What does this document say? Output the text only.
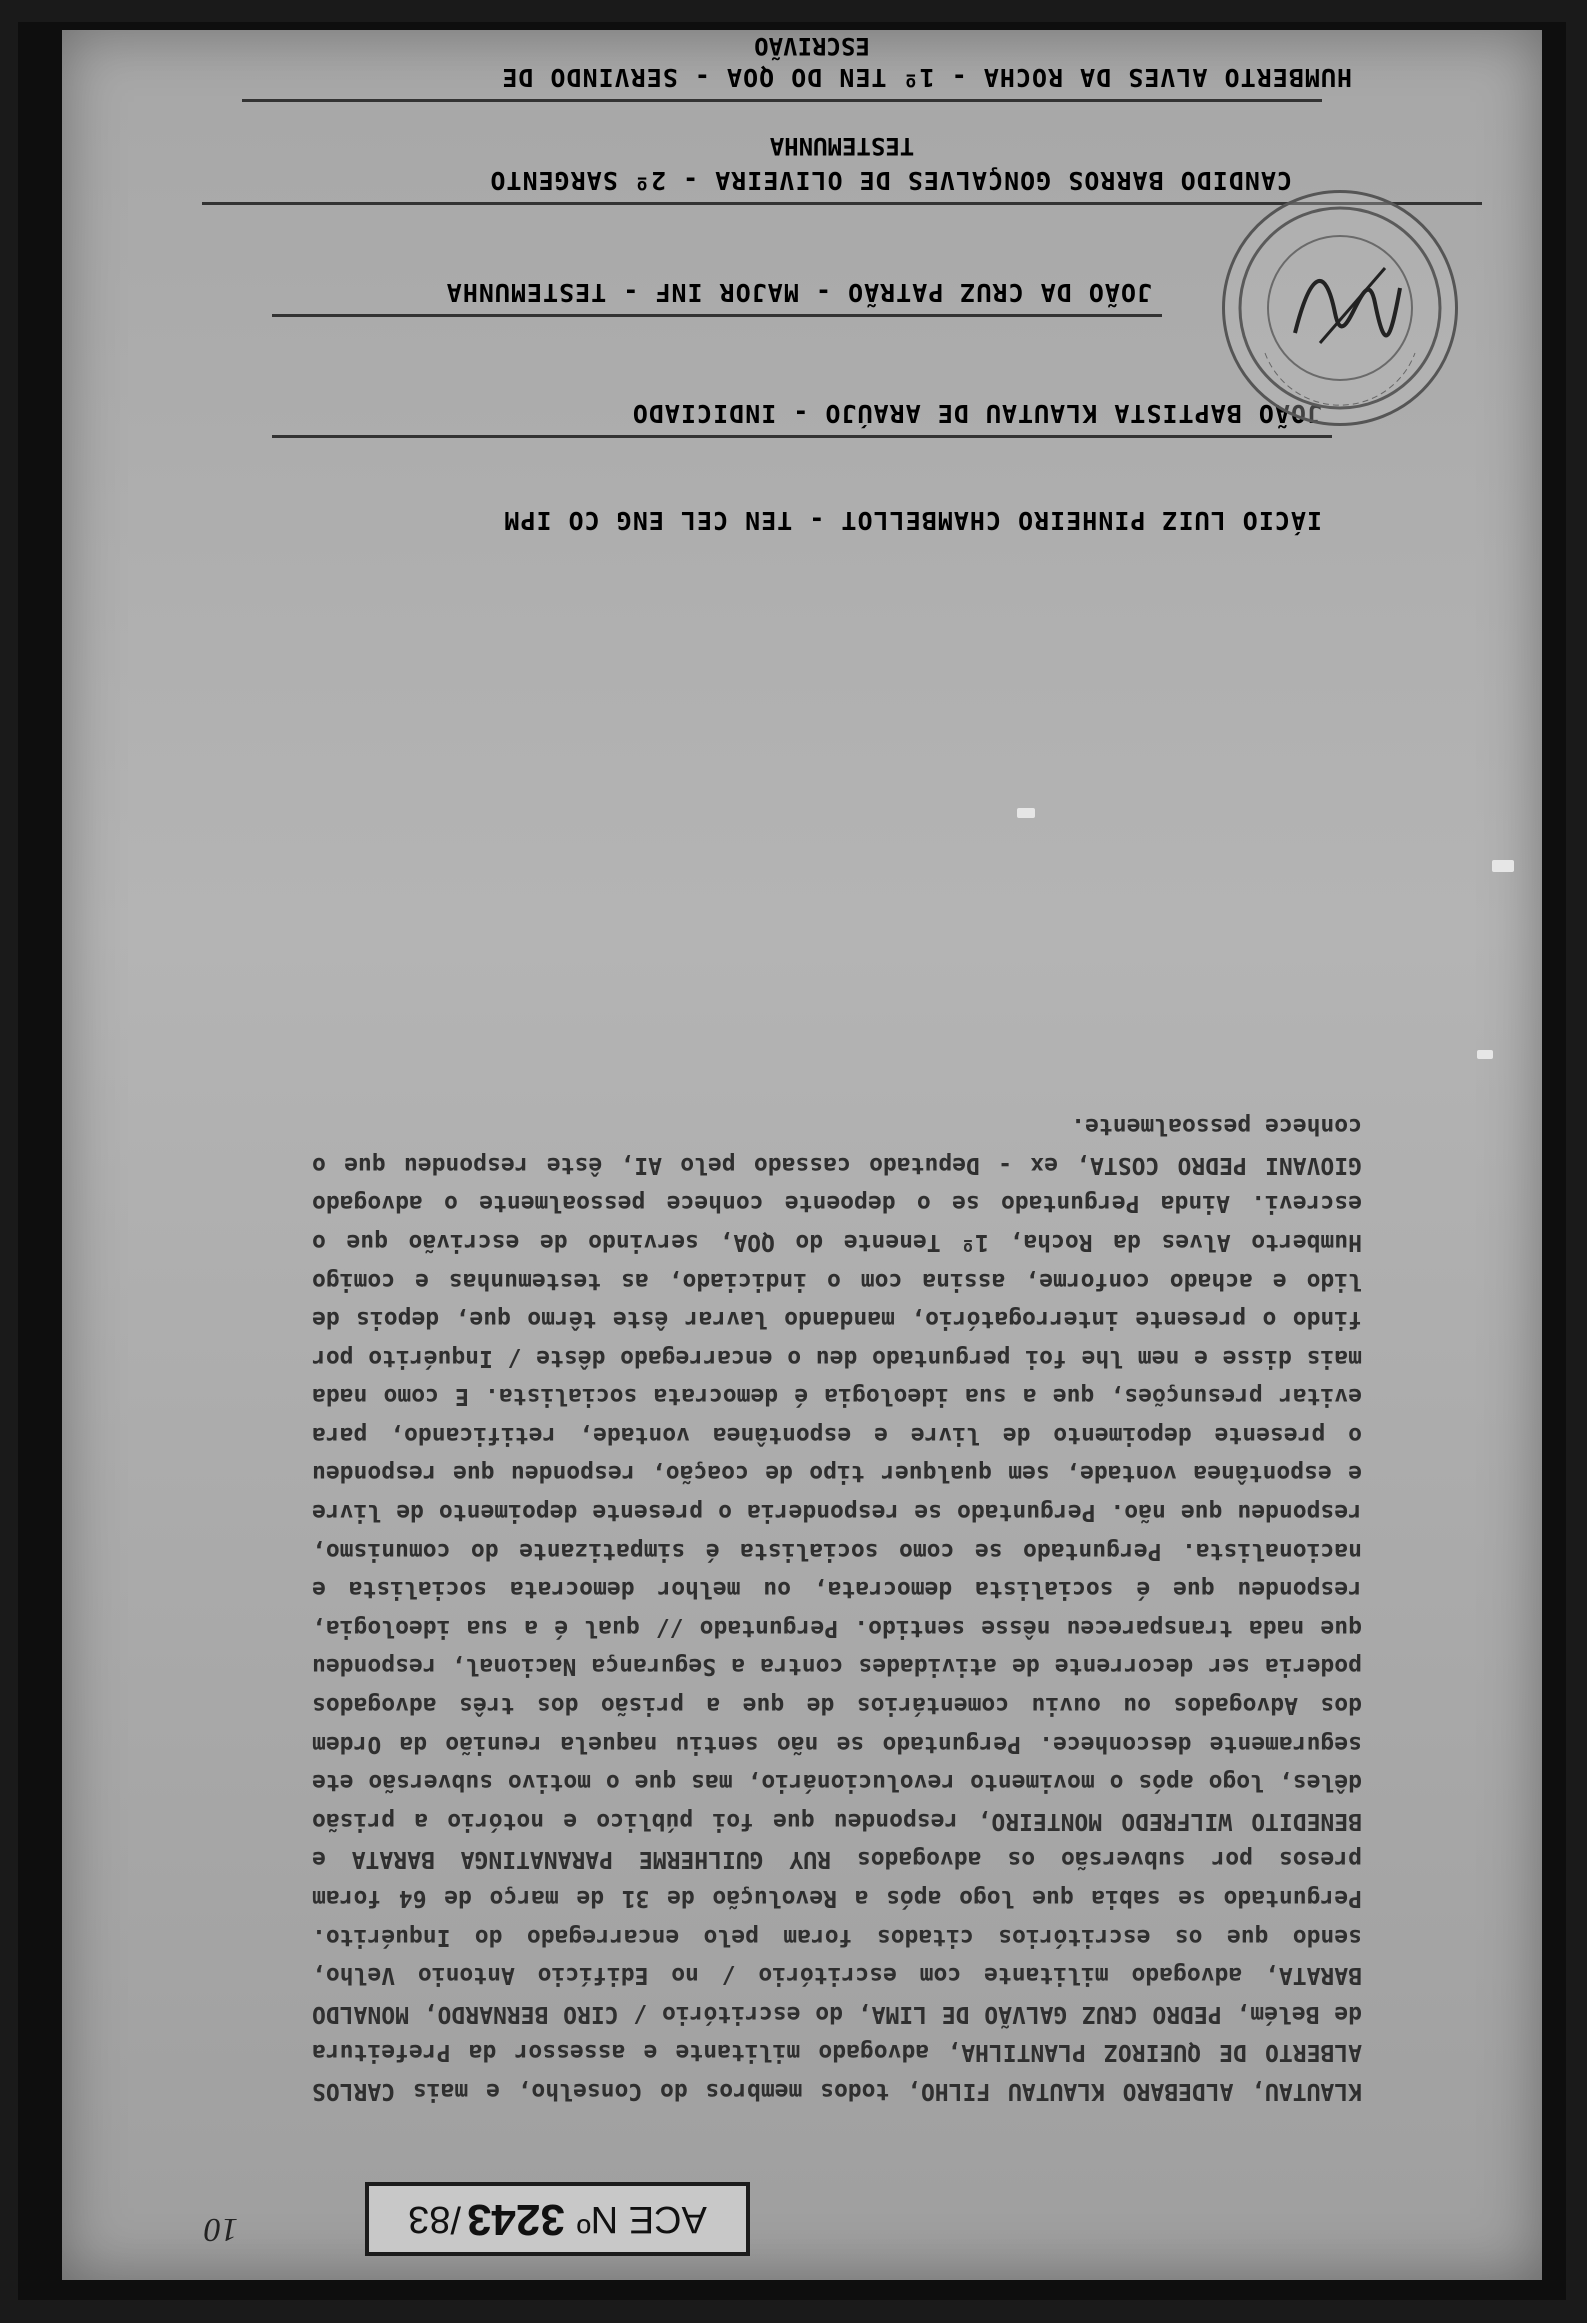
KLAUTAU, ALDEBARO KLAUTAU FILHO, todos membros do Conselho, e mais CARLOS ALBERTO DE QUEIROZ PLANTILHA, advogado militante e assessor da Prefeitura de Belém, PEDRO CRUZ GALVÃO DE LIMA, do escritório / CIRO BERNARDO, MONALDO BARATA, advogado militante com escritório / no Edifício Antonio Velho, sendo que os escritórios citados foram pelo encarregado do Inquérito. Perguntado se sabia que logo após a Revolução de 31 de março de 64 foram presos por subversão os advogados RUY GUILHERME PARANATINGA BARATA e BENEDITO WILFREDO MONTEIRO, respondeu que foi público e notório a prisão dêles, logo após o movimento revolucionário, mas que o motivo subversão ete seguramente desconhece. Perguntado se não sentiu naquela reunião da Ordem dos Advogados ou ouviu comentários de que a prisão dos três advogados poderia ser decorrente de atividades contra a Segurança Nacional, respondeu que nada transpareceu nêsse sentido. Perguntado // qual é a sua ideologia, respondeu que é socialista democrata, ou melhor democrata socialista e nacionalista. Perguntado se como socialista é simpatizante do comunismo, respondeu que não. Perguntado se responderia o presente depoimento de livre e espontânea vontade, sem qualquer tipo de coação, respondeu que respondeu o presente depoimento de livre e espontânea vontade, retificando, para evitar presunções, que a sua ideologia é democrata socialista. E como nada mais disse e nem lhe foi perguntado deu o encarregado dêste / Inquérito por findo o presente interrogatório, mandando lavrar êste têrmo que, depois de lido e achado conforme, assina com o indiciado, as testemunhas e comigo Humberto Alves da Rocha, 1º Tenente do QOA, servindo de escrivão que o escrevi. Ainda Perguntado se o depoente conhece pessoalmente o advogado GIOVANI PEDRO COSTA, ex - Deputado cassado pelo AI, êste respondeu que o conhece pessoalmente.

IÁCIO LUIZ PINHEIRO CHAMBELLOT - TEN CEL ENG CO IPM
JOÃO BAPTISTA KLAUTAU DE ARAÚJO - INDICIADO
JOÃO DA CRUZ PATRÃO - MAJOR INF - TESTEMUNHA
CANDIDO BARROS GONÇALVES DE OLIVEIRA - 2º SARGENTO
TESTEMUNHA
HUMBERTO ALVES DA ROCHA - 1º TEN DO QOA - SERVINDO DE
ESCRIVÃO
ACE Nº
3243
/83
10
